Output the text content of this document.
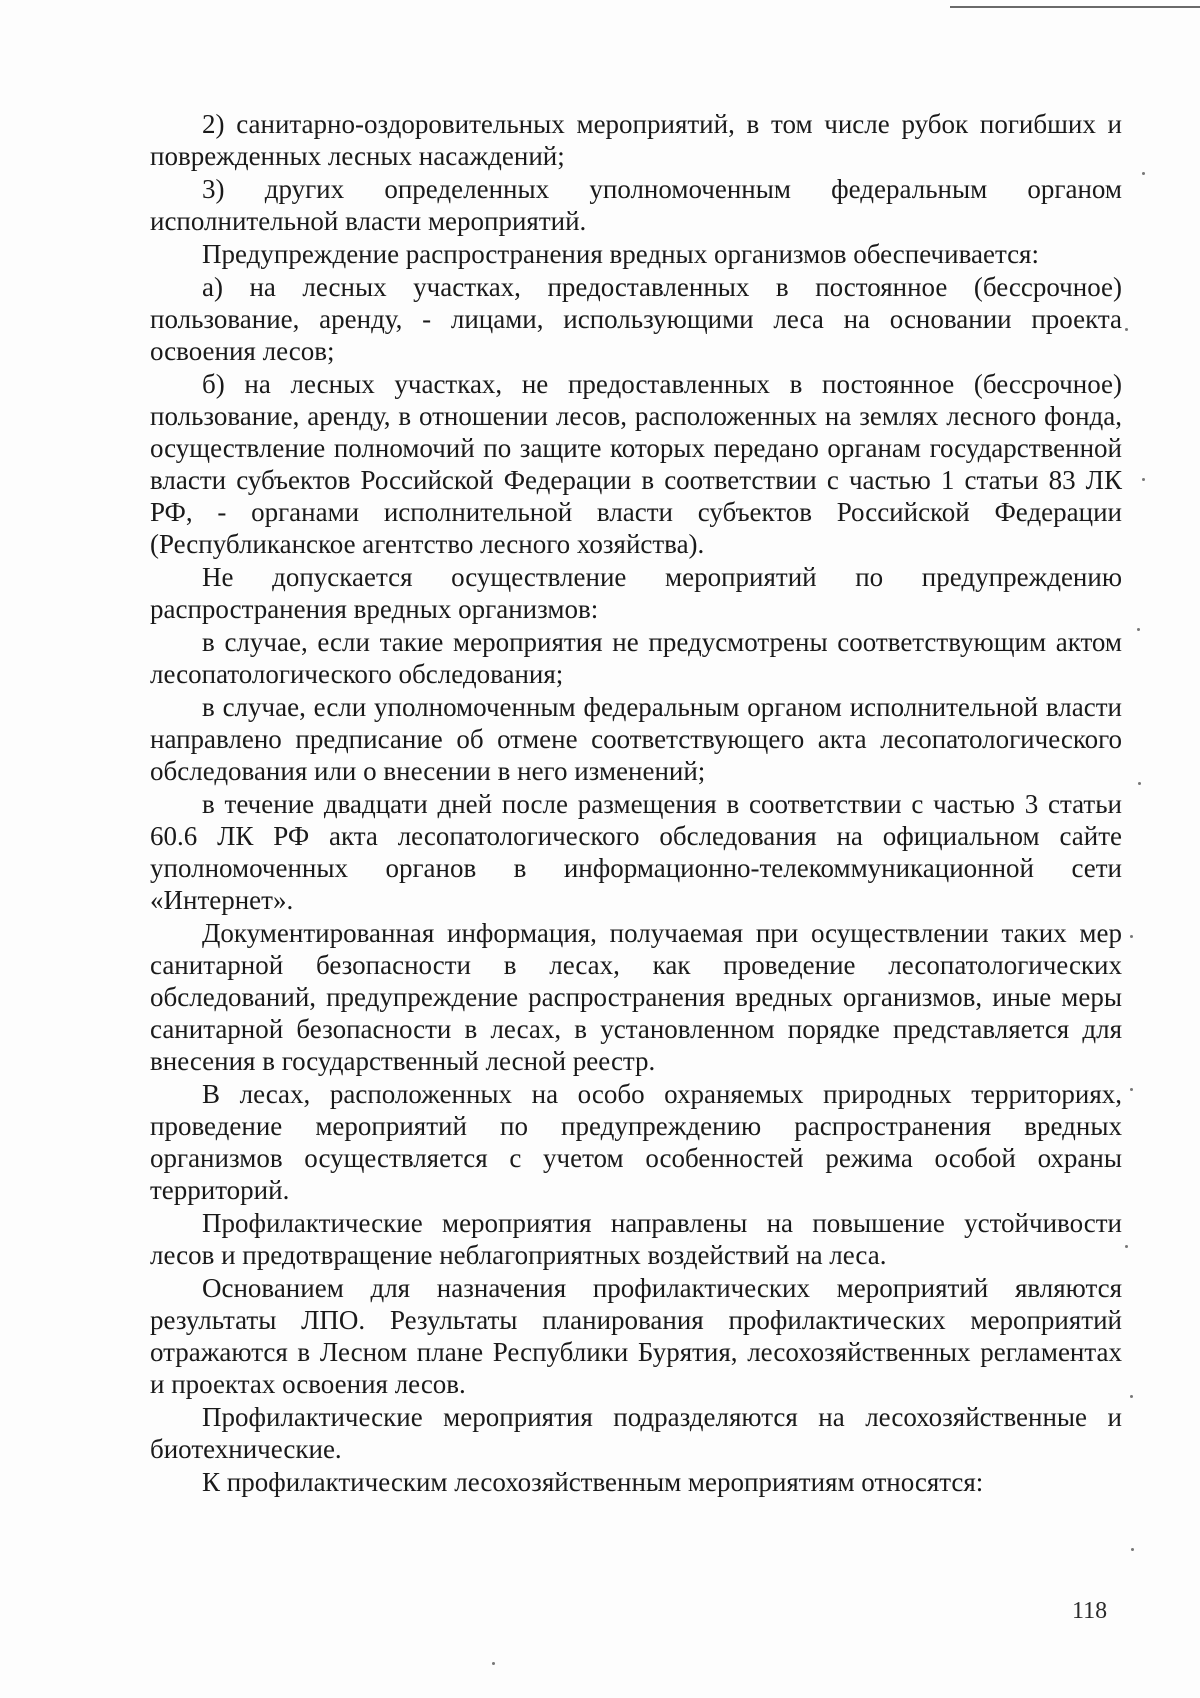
2) санитарно-оздоровительных мероприятий, в том числе рубок погибших и поврежденных лесных насаждений;

3) других определенных уполномоченным федеральным органом исполнительной власти мероприятий.

Предупреждение распространения вредных организмов обеспечивается:

а) на лесных участках, предоставленных в постоянное (бессрочное) пользование, аренду, - лицами, использующими леса на основании проекта освоения лесов;

б) на лесных участках, не предоставленных в постоянное (бессрочное) пользование, аренду, в отношении лесов, расположенных на землях лесного фонда, осуществление полномочий по защите которых передано органам государственной власти субъектов Российской Федерации в соответствии с частью 1 статьи 83 ЛК РФ, - органами исполнительной власти субъектов Российской Федерации (Республиканское агентство лесного хозяйства).

Не допускается осуществление мероприятий по предупреждению распространения вредных организмов:

в случае, если такие мероприятия не предусмотрены соответствующим актом лесопатологического обследования;

в случае, если уполномоченным федеральным органом исполнительной власти направлено предписание об отмене соответствующего акта лесопатологического обследования или о внесении в него изменений;

в течение двадцати дней после размещения в соответствии с частью 3 статьи 60.6 ЛК РФ акта лесопатологического обследования на официальном сайте уполномоченных органов в информационно-телекоммуникационной сети «Интернет».

Документированная информация, получаемая при осуществлении таких мер санитарной безопасности в лесах, как проведение лесопатологических обследований, предупреждение распространения вредных организмов, иные меры санитарной безопасности в лесах, в установленном порядке представляется для внесения в государственный лесной реестр.

В лесах, расположенных на особо охраняемых природных территориях, проведение мероприятий по предупреждению распространения вредных организмов осуществляется с учетом особенностей режима особой охраны территорий.

Профилактические мероприятия направлены на повышение устойчивости лесов и предотвращение неблагоприятных воздействий на леса.

Основанием для назначения профилактических мероприятий являются результаты ЛПО. Результаты планирования профилактических мероприятий отражаются в Лесном плане Республики Бурятия, лесохозяйственных регламентах и проектах освоения лесов.

Профилактические мероприятия подразделяются на лесохозяйственные и биотехнические.

К профилактическим лесохозяйственным мероприятиям относятся:

118
